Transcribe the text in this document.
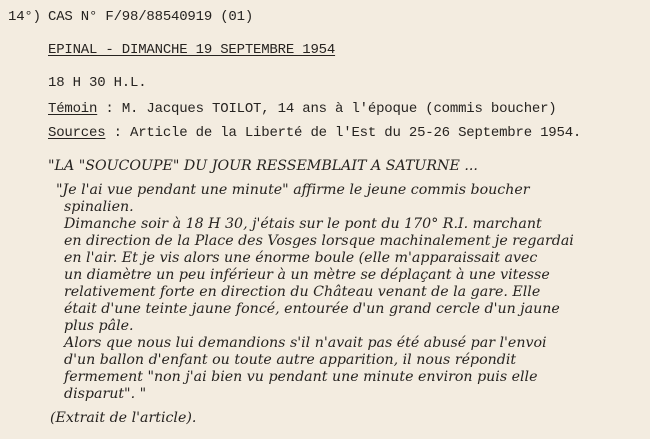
14°) CAS N° F/98/88540919 (01)
EPINAL - DIMANCHE 19 SEPTEMBRE 1954
18 H 30 H.L.
Témoin : M. Jacques TOILOT, 14 ans à l'époque (commis boucher)
Sources : Article de la Liberté de l'Est du 25-26 Septembre 1954.
"LA "SOUCOUPE" DU JOUR RESSEMBLAIT A SATURNE ...
"Je l'ai vue pendant une minute" affirme le jeune commis boucher
spinalien.
Dimanche soir à 18 H 30, j'étais sur le pont du 170° R.I. marchant
en direction de la Place des Vosges lorsque machinalement je regardai
en l'air. Et je vis alors une énorme boule (elle m'apparaissait avec
un diamètre un peu inférieur à un mètre se déplaçant à une vitesse
relativement forte en direction du Château venant de la gare. Elle
était d'une teinte jaune foncé, entourée d'un grand cercle d'un jaune
plus pâle.
Alors que nous lui demandions s'il n'avait pas été abusé par l'envoi
d'un ballon d'enfant ou toute autre apparition, il nous répondit
fermement "non j'ai bien vu pendant une minute environ puis elle
disparut". "
(Extrait de l'article).
